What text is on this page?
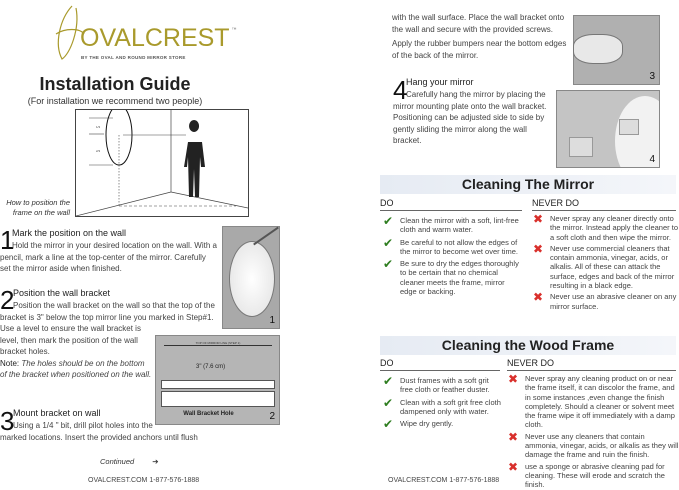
OVALCREST ™
BY THE OVAL AND ROUND MIRROR STORE
Installation Guide
(For installation we recommend two people)
1/3
2/3
How to position the frame on the wall
1
Mark the position on the wall
Hold the mirror in your desired location on the wall. With a pencil, mark a line at the top-center of the mirror. Carefully set the mirror aside when finished.
1
2
Position the wall bracket
TOP OF MIRROR LINE (STEP 1)
3" (7.6 cm)
Wall Bracket Hole	2
Position the wall bracket on the wall so that the top of the bracket is 3" below the top mirror line you marked in Step#1. Use a level to ensure the wall bracket is level, then mark the position of the wall bracket holes.
Note: The holes should be on the bottom of the bracket when positioned on the wall.
3
Mount bracket on wall
Using a 1/4 " bit, drill pilot holes into the marked locations. Insert the provided anchors until flush
Continued ➔
OVALCREST.COM 1-877-576-1888
with the wall surface. Place the wall bracket onto the wall and secure with the provided screws.
Apply the rubber bumpers near the bottom edges of the back of the mirror.
3
4
Hang your mirror
Carefully hang the mirror by placing the mirror mounting plate onto the wall bracket. Positioning can be adjusted side to side by gently sliding the mirror along the wall bracket.
4
Cleaning The Mirror
DO	NEVER DO
✔ Clean the mirror with a soft, lint-free cloth and warm water.
✔ Be careful to not allow the edges of the mirror to become wet over time.
✔ Be sure to dry the edges thoroughly to be certain that no chemical cleaner meets the frame, mirror edge or backing.
✖ Never spray any cleaner directly onto the mirror. Instead apply the cleaner to a soft cloth and then wipe the mirror.
✖ Never use commercial cleaners that contain ammonia, vinegar, acids, or alkalis. All of these can attack the surface, edges and back of the mirror resulting in a black edge.
✖ Never use an abrasive cleaner on any mirror surface.
Cleaning the Wood Frame
DO	NEVER DO
✔ Dust frames with a soft grit free cloth or feather duster.
✔ Clean with a soft grit free cloth dampened only with water.
✔ Wipe dry gently.
✖ Never spray any cleaning product on or near the frame itself, it can discolor the frame, and in some instances ,even change the finish completely. Should a cleaner or solvent meet the frame wipe it off immediately with a damp cloth.
✖ Never use any cleaners that contain ammonia, vinegar, acids, or alkalis as they will damage the frame and ruin the finish.
✖ use a sponge or abrasive cleaning pad for cleaning. These will erode and scratch the finish.
OVALCREST.COM 1-877-576-1888
